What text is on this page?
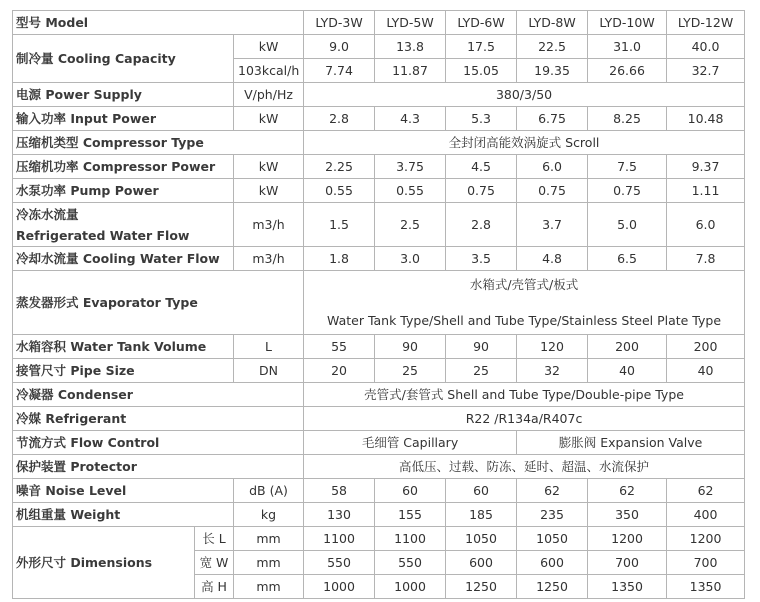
型号 Model			LYD-3W	LYD-5W	LYD-6W	LYD-8W	LYD-10W	LYD-12W
制冷量 Cooling Capacity		kW	9.0	13.8	17.5	22.5	31.0	40.0
		103kcal/h	7.74	11.87	15.05	19.35	26.66	32.7
电源 Power Supply		V/ph/Hz	380/3/50					
输入功率 Input Power		kW	2.8	4.3	5.3	6.75	8.25	10.48
压缩机类型 Compressor Type			全封闭高能效涡旋式 Scroll					
压缩机功率 Compressor Power		kW	2.25	3.75	4.5	6.0	7.5	9.37
水泵功率 Pump Power		kW	0.55	0.55	0.75	0.75	0.75	1.11
冷冻水流量
Refrigerated Water Flow		m3/h	1.5	2.5	2.8	3.7	5.0	6.0
冷却水流量 Cooling Water Flow		m3/h	1.8	3.0	3.5	4.8	6.5	7.8
蒸发器形式 Evaporator Type			水箱式/壳管式/板式
Water Tank Type/Shell and Tube Type/Stainless Steel Plate Type					

水箱容积 Water Tank Volume		L	55	90	90	120	200	200
接管尺寸 Pipe Size		DN	20	25	25	32	40	40
冷凝器 Condenser			壳管式/套管式 Shell and Tube Type/Double-pipe Type					
冷媒 Refrigerant			R22 /R134a/R407c					
节流方式 Flow Control			毛细管 Capillary			膨胀阀 Expansion Valve		
保护装置 Protector			高低压、过载、防冻、延时、超温、水流保护					
噪音 Noise Level		dB (A)	58	60	60	62	62	62
机组重量 Weight		kg	130	155	185	235	350	400
外形尺寸 Dimensions	长 L	mm	1100	1100	1050	1050	1200	1200
	宽 W	mm	550	550	600	600	700	700
	高 H	mm	1000	1000	1250	1250	1350	1350
